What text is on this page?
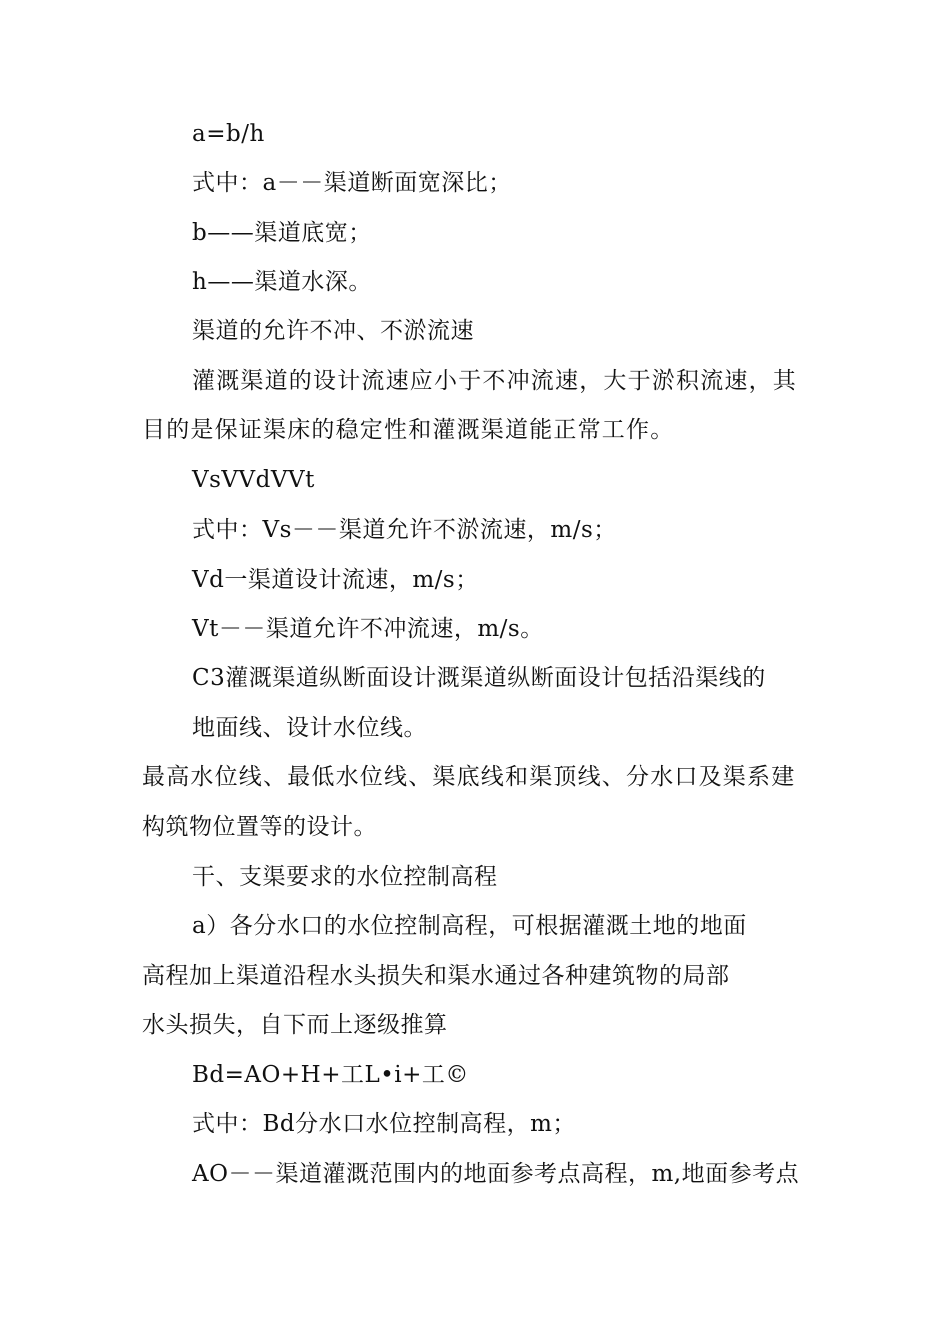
a=b/h
式中：a－－渠道断面宽深比；
b——渠道底宽；
h——渠道水深。
渠道的允许不冲、不淤流速
灌溉渠道的设计流速应小于不冲流速，大于淤积流速，其
目的是保证渠床的稳定性和灌溉渠道能正常工作。
VsVVdVVt
式中：Vs－－渠道允许不淤流速，m/s；
Vd一渠道设计流速，m/s；
Vt－－渠道允许不冲流速，m/s。
C3灌溉渠道纵断面设计溉渠道纵断面设计包括沿渠线的
地面线、设计水位线。
最高水位线、最低水位线、渠底线和渠顶线、分水口及渠系建
构筑物位置等的设计。
干、支渠要求的水位控制高程
a）各分水口的水位控制高程，可根据灌溉土地的地面
高程加上渠道沿程水头损失和渠水通过各种建筑物的局部
水头损失，自下而上逐级推算
Bd=AO+H+工L•i+工©
式中：Bd分水口水位控制高程，m；
AO－－渠道灌溉范围内的地面参考点高程，m,地面参考点
